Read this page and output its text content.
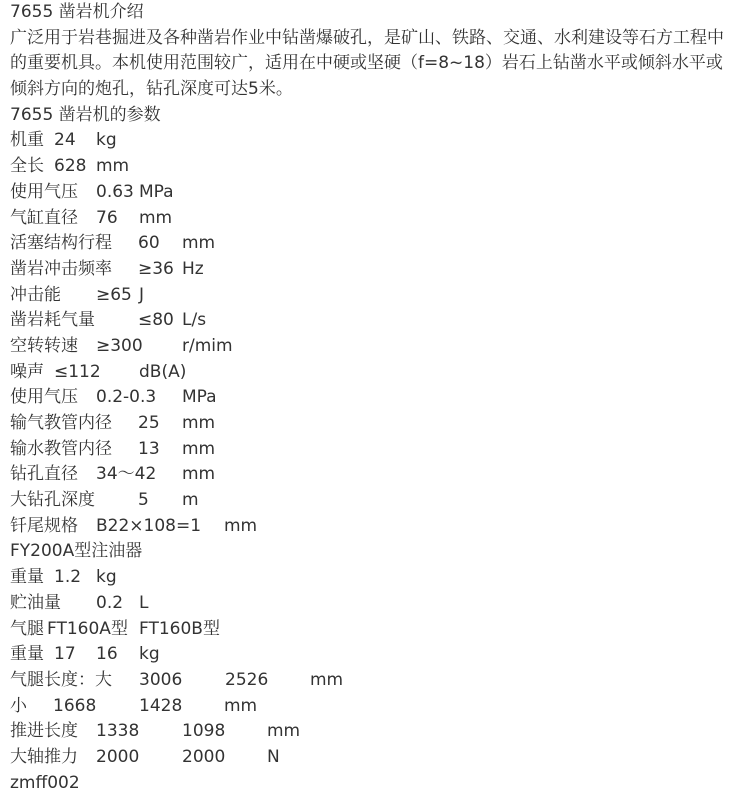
7655 凿岩机介绍
广泛用于岩巷掘进及各种凿岩作业中钻凿爆破孔，是矿山、铁路、交通、水利建设等石方工程中的重要机具。本机使用范围较广，适用在中硬或坚硬（f=8~18）岩石上钻凿水平或倾斜水平或倾斜方向的炮孔，钻孔深度可达5米。
7655 凿岩机的参数
机重 24 kg
全长 628 mm
使用气压 0.63 MPa
气缸直径 76 mm
活塞结构行程 60 mm
凿岩冲击频率 ≥36 Hz
冲击能 ≥65 J
凿岩耗气量	≤80 L/s
空转转速 ≥300 r/mim
噪声 ≤112 dB(A)
使用气压 0.2-0.3 MPa
输气教管内径 25 mm
输水教管内径 13 mm
钻孔直径 34～42 mm
大钻孔深度	5 m
钎尾规格 B22×108=1 mm
FY200A型注油器
重量 1.2 kg
贮油量 0.2 L
气腿 FT160A型 FT160B型
重量 17 16 kg
气腿长度：大 3006	2526 mm
小 1668	1428 mm
推进长度 1338	1098 mm
大轴推力 2000	2000 N
zmff002
